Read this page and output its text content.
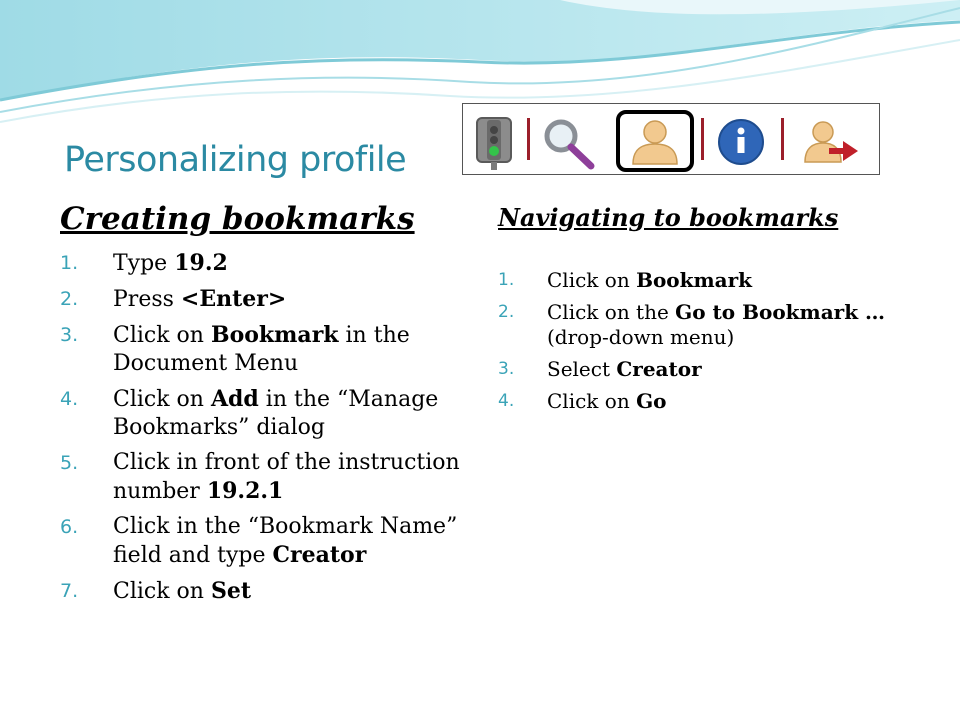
Personalizing profile
Creating bookmarks
1. Type 19.2
2. Press <Enter>
3. Click on Bookmark in the Document Menu
4. Click on Add in the “Manage Bookmarks” dialog
5. Click in front of the instruction number 19.2.1
6. Click in the “Bookmark Name” field and type Creator
7. Click on Set
Navigating to bookmarks
1. Click on Bookmark
2. Click on the Go to Bookmark … (drop-down menu)
3. Select Creator
4. Click on Go
